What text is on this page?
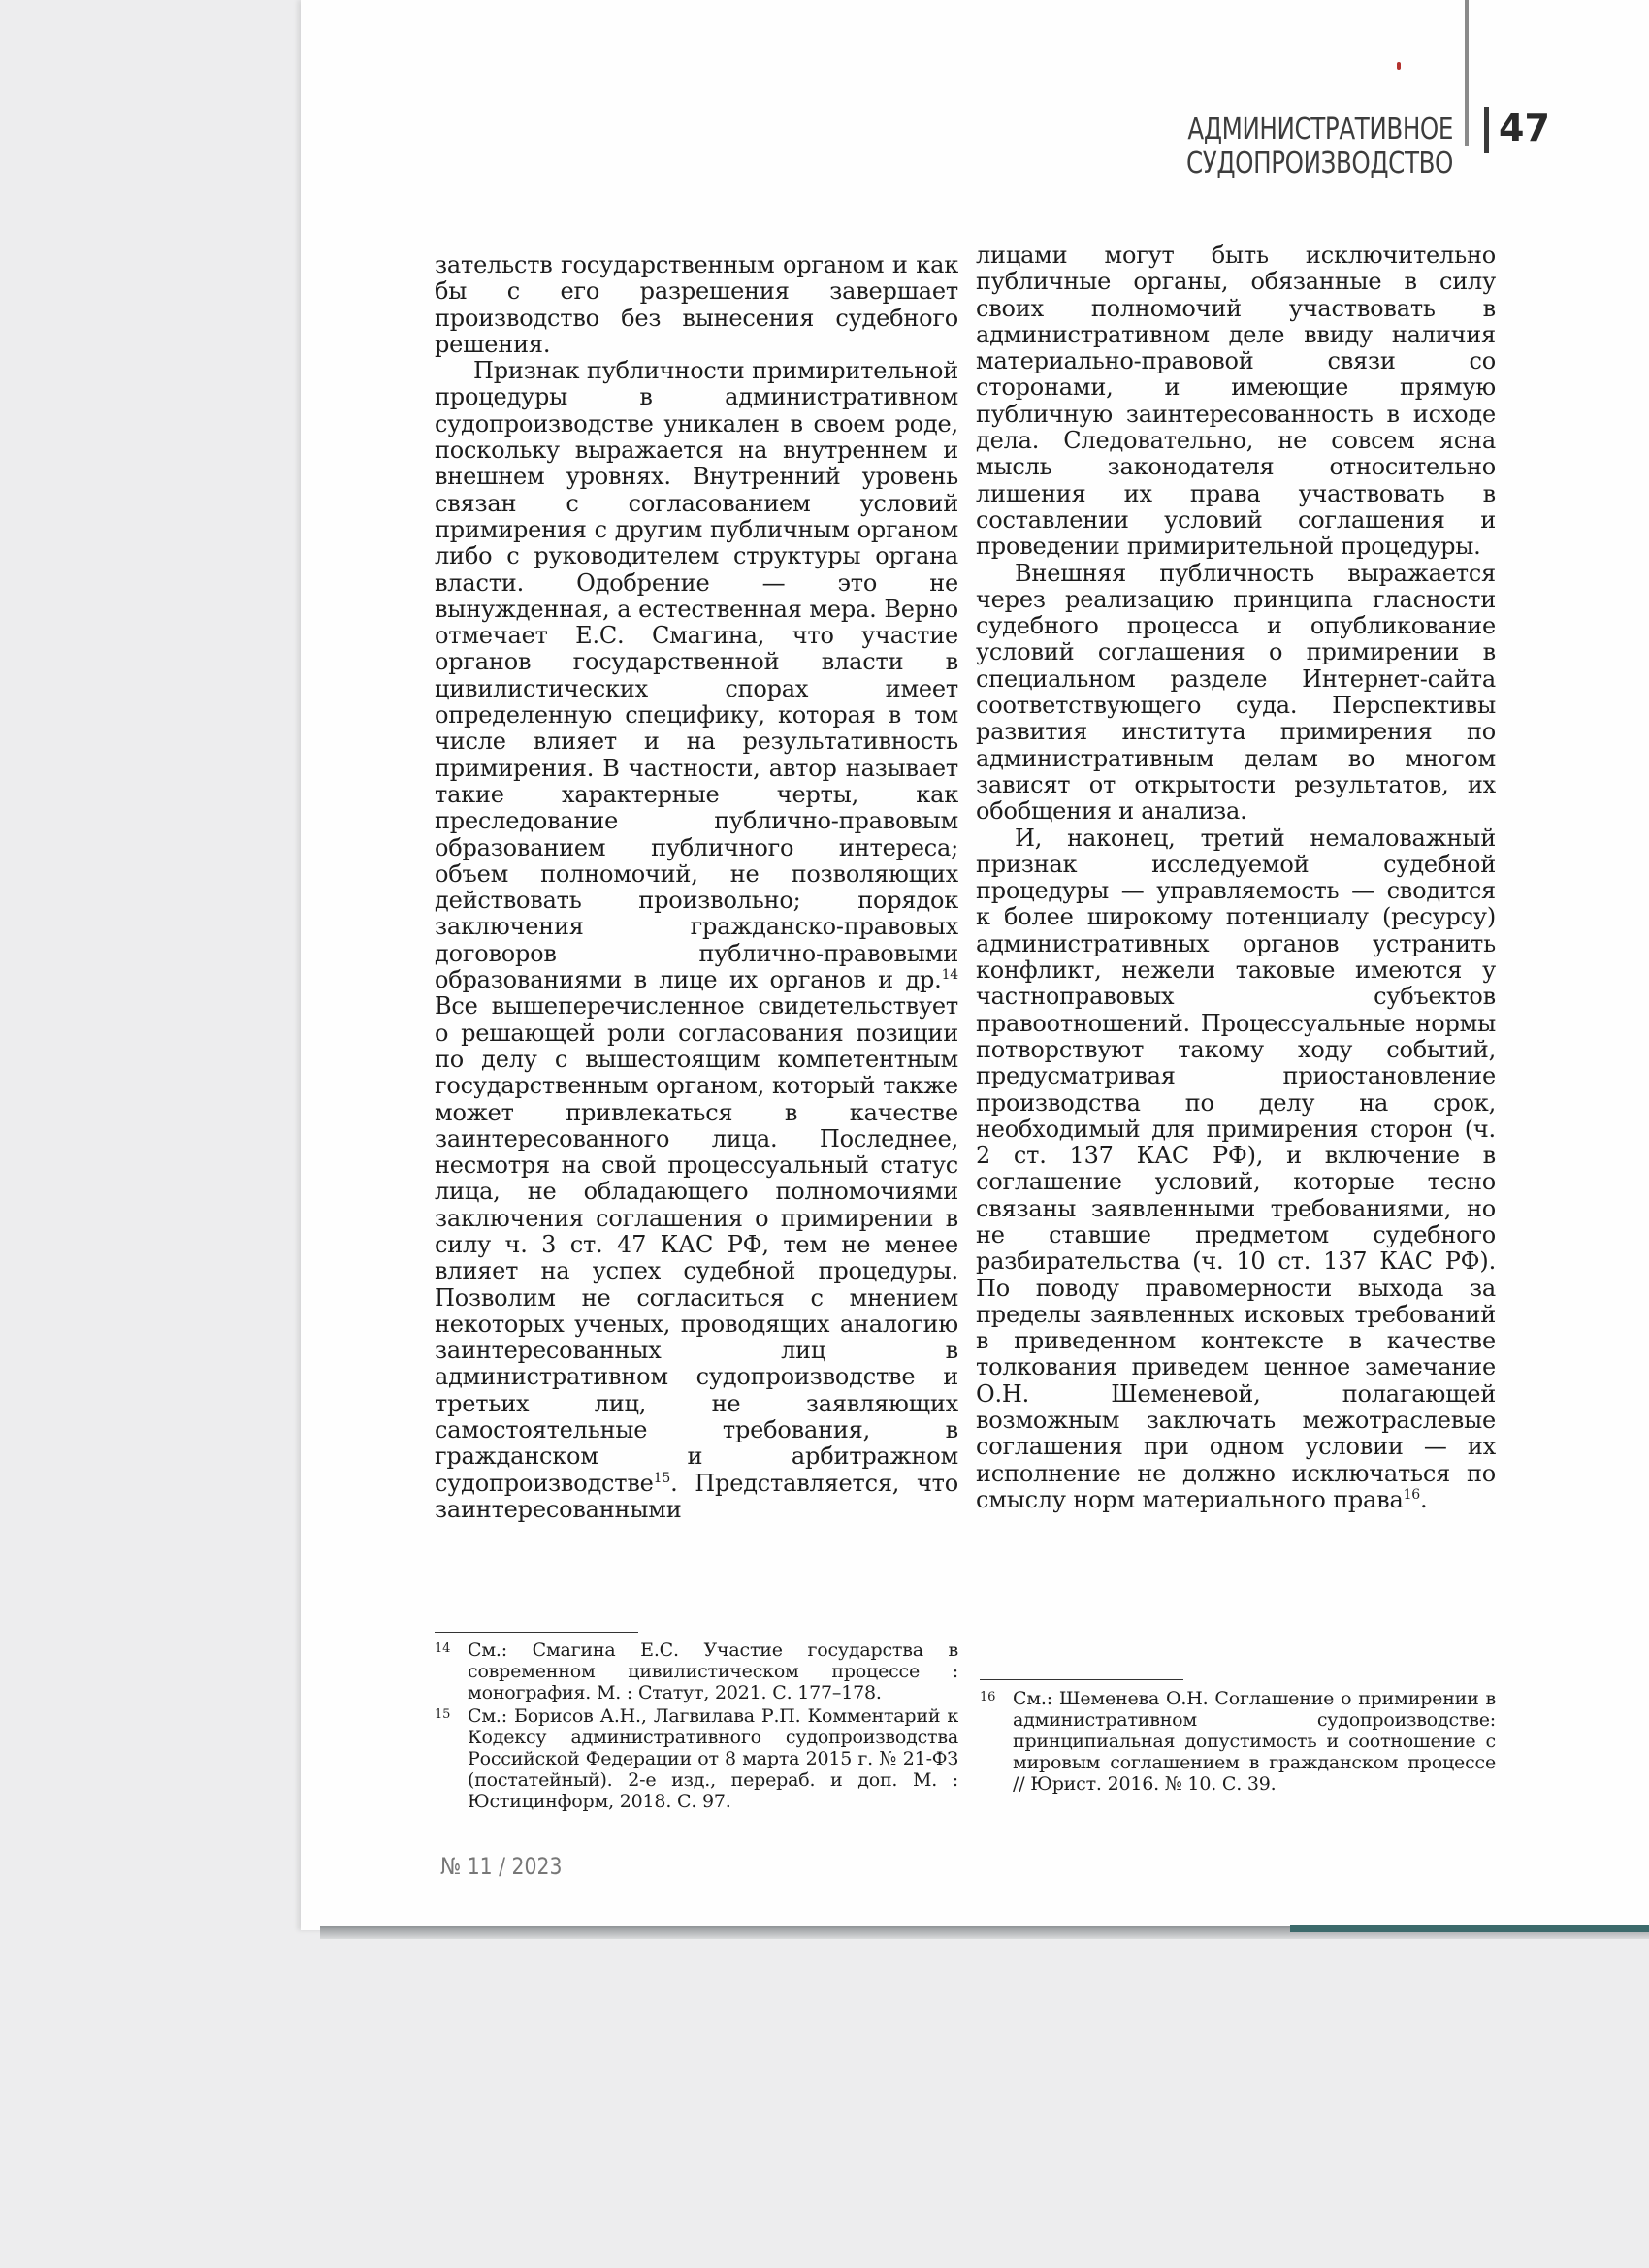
АДМИНИСТРАТИВНОЕ СУДОПРОИЗВОДСТВО
47

зательств государственным органом и как бы с его разрешения завершает производство без вынесения судебного решения.

Признак публичности примирительной процедуры в административном судопроизводстве уникален в своем роде, поскольку выражается на внутреннем и внешнем уровнях. Внутренний уровень связан с согласованием условий примирения с другим публичным органом либо с руководителем структуры органа власти. Одобрение — это не вынужденная, а естественная мера. Верно отмечает Е.С. Смагина, что участие органов государственной власти в цивилистических спорах имеет определенную специфику, которая в том числе влияет и на результативность примирения. В частности, автор называет такие характерные черты, как преследование публично-правовым образованием публичного интереса; объем полномочий, не позволяющих действовать произвольно; порядок заключения гражданско-правовых договоров публично-правовыми образованиями в лице их органов и др.$^{14}$ Все вышеперечисленное свидетельствует о решающей роли согласования позиции по делу с вышестоящим компетентным государственным органом, который также может привлекаться в качестве заинтересованного лица. Последнее, несмотря на свой процессуальный статус лица, не обладающего полномочиями заключения соглашения о примирении в силу ч. 3 ст. 47 КАС РФ, тем не менее влияет на успех судебной процедуры. Позволим не согласиться с мнением некоторых ученых, проводящих аналогию заинтересованных лиц в административном судопроизводстве и третьих лиц, не заявляющих самостоятельные требования, в гражданском и арбитражном судопроизводстве$^{15}$. Представляется, что заинтересованными

лицами могут быть исключительно публичные органы, обязанные в силу своих полномочий участвовать в административном деле ввиду наличия материально-правовой связи со сторонами, и имеющие прямую публичную заинтересованность в исходе дела. Следовательно, не совсем ясна мысль законодателя относительно лишения их права участвовать в составлении условий соглашения и проведении примирительной процедуры.

Внешняя публичность выражается через реализацию принципа гласности судебного процесса и опубликование условий соглашения о примирении в специальном разделе Интернет-сайта соответствующего суда. Перспективы развития института примирения по административным делам во многом зависят от открытости результатов, их обобщения и анализа.

И, наконец, третий немаловажный признак исследуемой судебной процедуры — управляемость — сводится к более широкому потенциалу (ресурсу) административных органов устранить конфликт, нежели таковые имеются у частноправовых субъектов правоотношений. Процессуальные нормы потворствуют такому ходу событий, предусматривая приостановление производства по делу на срок, необходимый для примирения сторон (ч. 2 ст. 137 КАС РФ), и включение в соглашение условий, которые тесно связаны заявленными требованиями, но не ставшие предметом судебного разбирательства (ч. 10 ст. 137 КАС РФ). По поводу правомерности выхода за пределы заявленных исковых требований в приведенном контексте в качестве толкования приведем ценное замечание О.Н. Шеменевой, полагающей возможным заключать межотраслевые соглашения при одном условии — их исполнение не должно исключаться по смыслу норм материального права$^{16}$.

14 См.: Смагина Е.С. Участие государства в современном цивилистическом процессе : монография. М. : Статут, 2021. С. 177–178.
15 См.: Борисов А.Н., Лагвилава Р.П. Комментарий к Кодексу административного судопроизводства Российской Федерации от 8 марта 2015 г. № 21-ФЗ (постатейный). 2-е изд., перераб. и доп. М. : Юстицинформ, 2018. С. 97.
16 См.: Шеменева О.Н. Соглашение о примирении в административном судопроизводстве: принципиальная допустимость и соотношение с мировым соглашением в гражданском процессе // Юрист. 2016. № 10. С. 39.
№ 11 / 2023
